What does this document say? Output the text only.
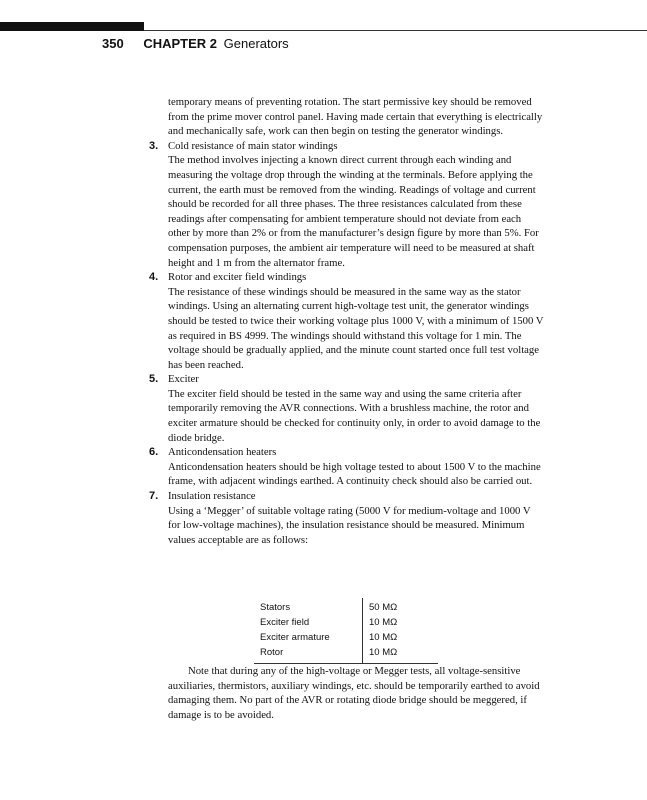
350 CHAPTER 2 Generators

temporary means of preventing rotation. The start permissive key should be removed from the prime mover control panel. Having made certain that everything is electrically and mechanically safe, work can then begin on testing the generator windings.

3. Cold resistance of main stator windings

The method involves injecting a known direct current through each winding and measuring the voltage drop through the winding at the terminals. Before applying the current, the earth must be removed from the winding. Readings of voltage and current should be recorded for all three phases. The three resistances calculated from these readings after compensating for ambient temperature should not deviate from each other by more than 2% or from the manufacturer’s design figure by more than 5%. For compensation purposes, the ambient air temperature will need to be measured at shaft height and 1 m from the alternator frame.

4. Rotor and exciter field windings

The resistance of these windings should be measured in the same way as the stator windings. Using an alternating current high-voltage test unit, the generator windings should be tested to twice their working voltage plus 1000 V, with a minimum of 1500 V as required in BS 4999. The windings should withstand this voltage for 1 min. The voltage should be gradually applied, and the minute count started once full test voltage has been reached.

5. Exciter

The exciter field should be tested in the same way and using the same criteria after temporarily removing the AVR connections. With a brushless machine, the rotor and exciter armature should be checked for continuity only, in order to avoid damage to the diode bridge.

6. Anticondensation heaters

Anticondensation heaters should be high voltage tested to about 1500 V to the machine frame, with adjacent windings earthed. A continuity check should also be carried out.

7. Insulation resistance

Using a ‘Megger’ of suitable voltage rating (5000 V for medium-voltage and 1000 V for low-voltage machines), the insulation resistance should be measured. Minimum values acceptable are as follows:

Stators	50 MΩ
Exciter field	10 MΩ
Exciter armature	10 MΩ
Rotor	10 MΩ

Note that during any of the high-voltage or Megger tests, all voltage-sensitive auxiliaries, thermistors, auxiliary windings, etc. should be temporarily earthed to avoid damaging them. No part of the AVR or rotating diode bridge should be meggered, if damage is to be avoided.
